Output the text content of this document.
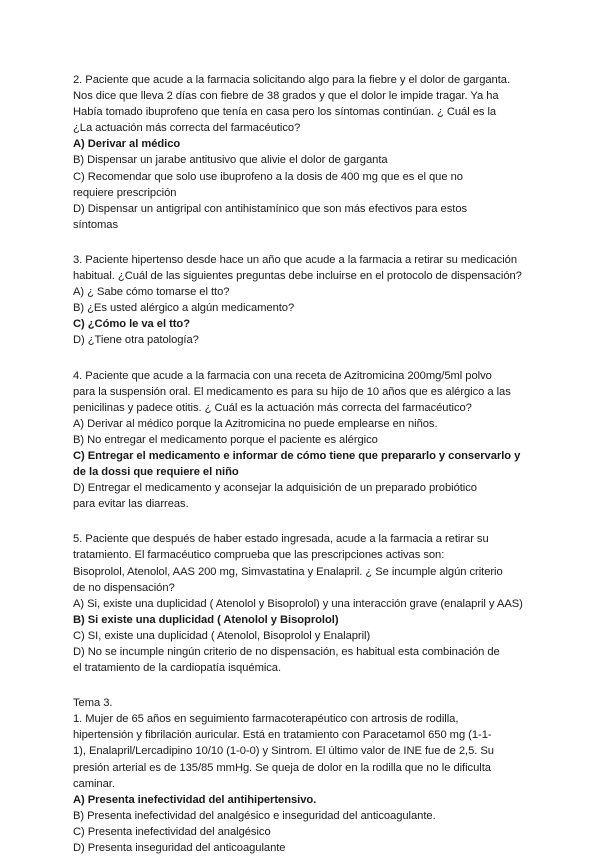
2. Paciente que acude a la farmacia solicitando algo para la fiebre y el dolor de garganta.
Nos dice que lleva 2 días con fiebre de 38 grados y que el dolor le impide tragar. Ya ha
Había tomado ibuprofeno que tenía en casa pero los síntomas continúan. ¿ Cuál es la
¿La actuación más correcta del farmacéutico?
A) Derivar al médico
B) Dispensar un jarabe antitusivo que alivie el dolor de garganta
C) Recomendar que solo use ibuprofeno a la dosis de 400 mg que es el que no
requiere prescripción
D) Dispensar un antigripal con antihistamínico que son más efectivos para estos
síntomas
3. Paciente hipertenso desde hace un año que acude a la farmacia a retirar su medicación
habitual. ¿Cuál de las siguientes preguntas debe incluirse en el protocolo de dispensación?
A) ¿ Sabe cómo tomarse el tto?
B) ¿Es usted alérgico a algún medicamento?
C) ¿Cómo le va el tto?
D) ¿Tiene otra patología?
4. Paciente que acude a la farmacia con una receta de Azitromicina 200mg/5ml polvo
para la suspensión oral. El medicamento es para su hijo de 10 años que es alérgico a las
penicilinas y padece otitis. ¿ Cuál es la actuación más correcta del farmacéutico?
A) Derivar al médico porque la Azitromicina no puede emplearse en niños.
B) No entregar el medicamento porque el paciente es alérgico
C) Entregar el medicamento e informar de cómo tiene que prepararlo y conservarlo y
de la dossi que requiere el niño
D) Entregar el medicamento y aconsejar la adquisición de un preparado probiótico
para evitar las diarreas.
5. Paciente que después de haber estado ingresada, acude a la farmacia a retirar su
tratamiento. El farmacéutico comprueba que las prescripciones activas son:
Bisoprolol, Atenolol, AAS 200 mg, Simvastatina y Enalapril. ¿ Se incumple algún criterio
de no dispensación?
A) Si, existe una duplicidad ( Atenolol y Bisoprolol) y una interacción grave (enalapril y AAS)
B) Si existe una duplicidad ( Atenolol y Bisoprolol)
C) SI, existe una duplicidad ( Atenolol, Bisoprolol y Enalapril)
D) No se incumple ningún criterio de no dispensación, es habitual esta combinación de
el tratamiento de la cardiopatía isquémica.
Tema 3.
1. Mujer de 65 años en seguimiento farmacoterapéutico con artrosis de rodilla,
hipertensión y fibrilación auricular. Está en tratamiento con Paracetamol 650 mg (1-1-
1), Enalapril/Lercadipino 10/10 (1-0-0) y Sintrom. El último valor de INE fue de 2,5. Su
presión arterial es de 135/85 mmHg. Se queja de dolor en la rodilla que no le dificulta
caminar.
A) Presenta inefectividad del antihipertensivo.
B) Presenta inefectividad del analgésico e inseguridad del anticoagulante.
C) Presenta inefectividad del analgésico
D) Presenta inseguridad del anticoagulante
